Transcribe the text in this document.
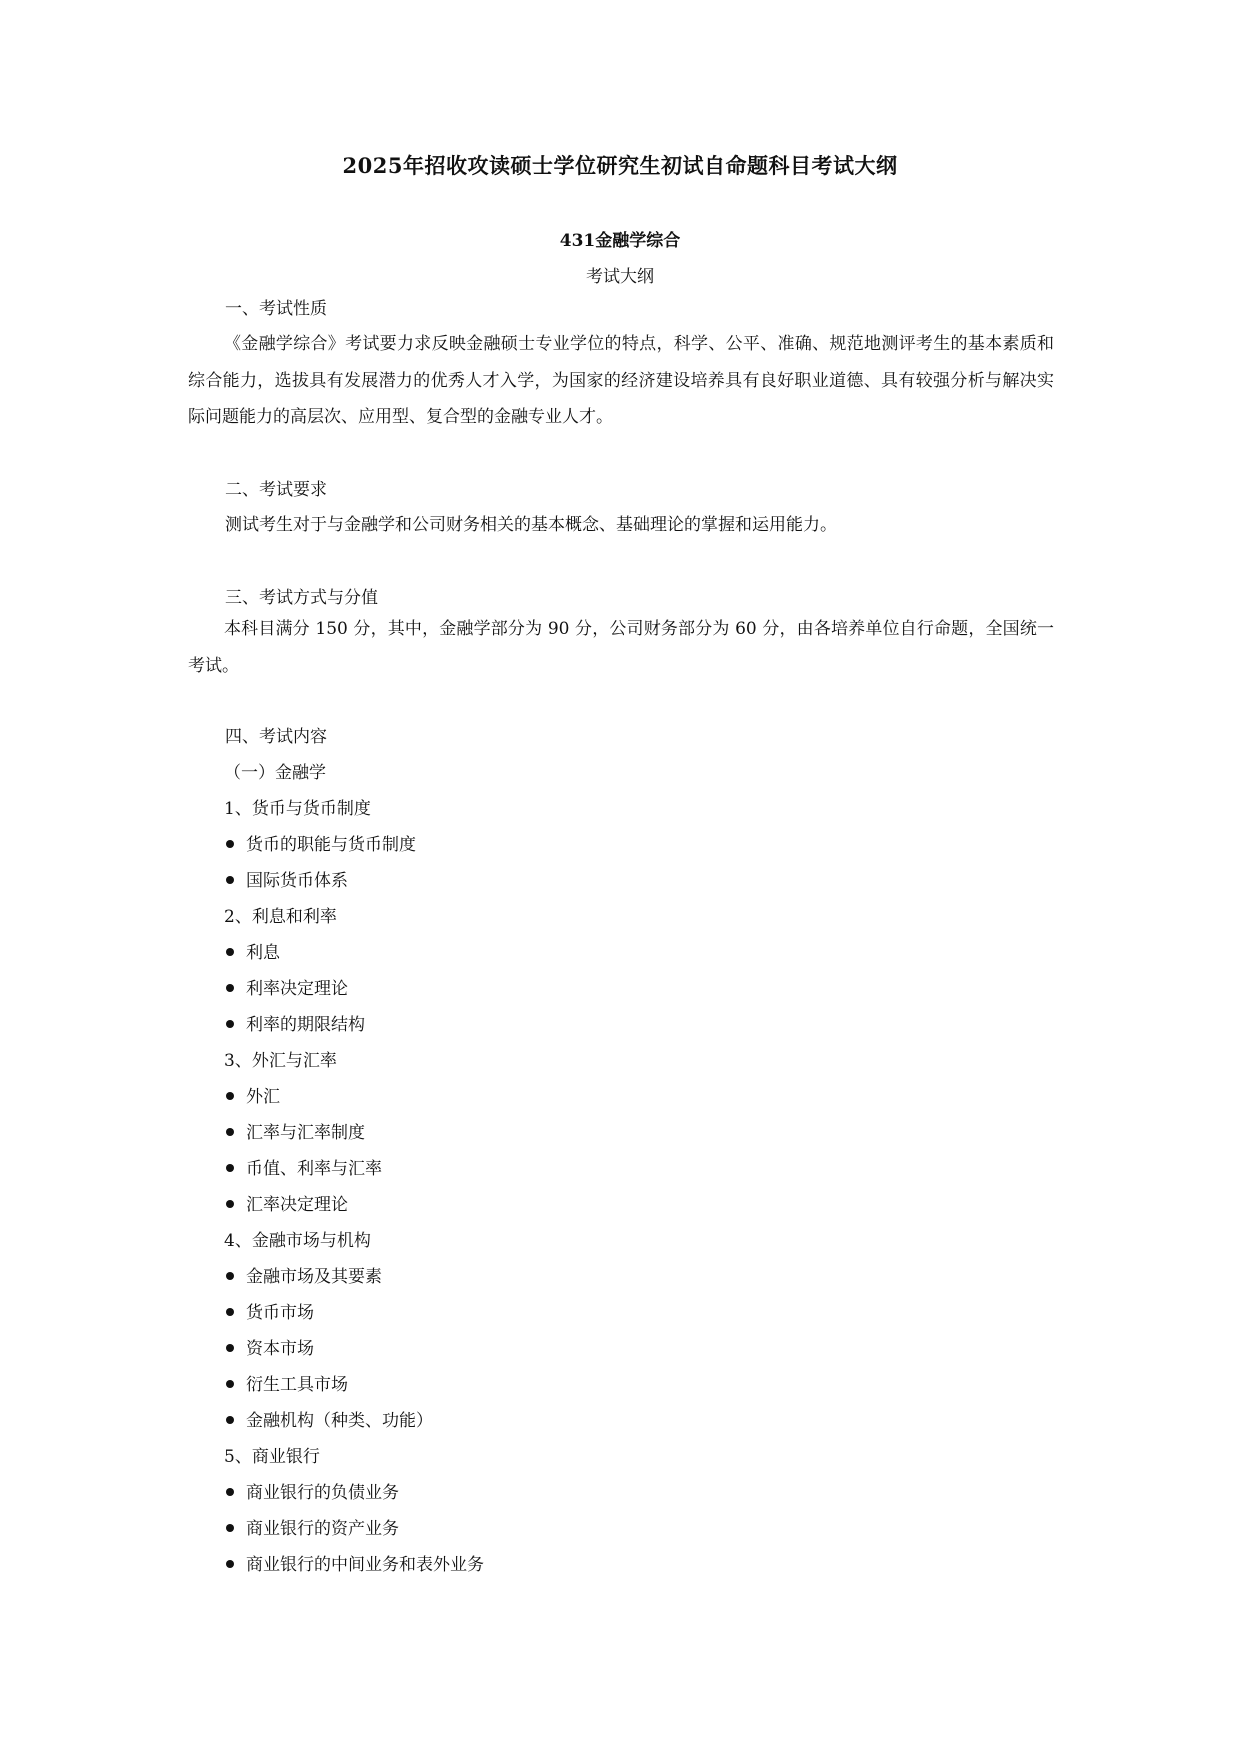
2025年招收攻读硕士学位研究生初试自命题科目考试大纲
431金融学综合
考试大纲
一、考试性质
《金融学综合》考试要力求反映金融硕士专业学位的特点，科学、公平、准确、规范地测评考生的基本素质和综合能力，选拔具有发展潜力的优秀人才入学，为国家的经济建设培养具有良好职业道德、具有较强分析与解决实际问题能力的高层次、应用型、复合型的金融专业人才。
二、考试要求
测试考生对于与金融学和公司财务相关的基本概念、基础理论的掌握和运用能力。
三、考试方式与分值
本科目满分 150 分，其中，金融学部分为 90 分，公司财务部分为 60 分，由各培养单位自行命题，全国统一考试。
四、考试内容
（一）金融学
1、货币与货币制度
货币的职能与货币制度
国际货币体系
2、利息和利率
利息
利率决定理论
利率的期限结构
3、外汇与汇率
外汇
汇率与汇率制度
币值、利率与汇率
汇率决定理论
4、金融市场与机构
金融市场及其要素
货币市场
资本市场
衍生工具市场
金融机构（种类、功能）
5、商业银行
商业银行的负债业务
商业银行的资产业务
商业银行的中间业务和表外业务
